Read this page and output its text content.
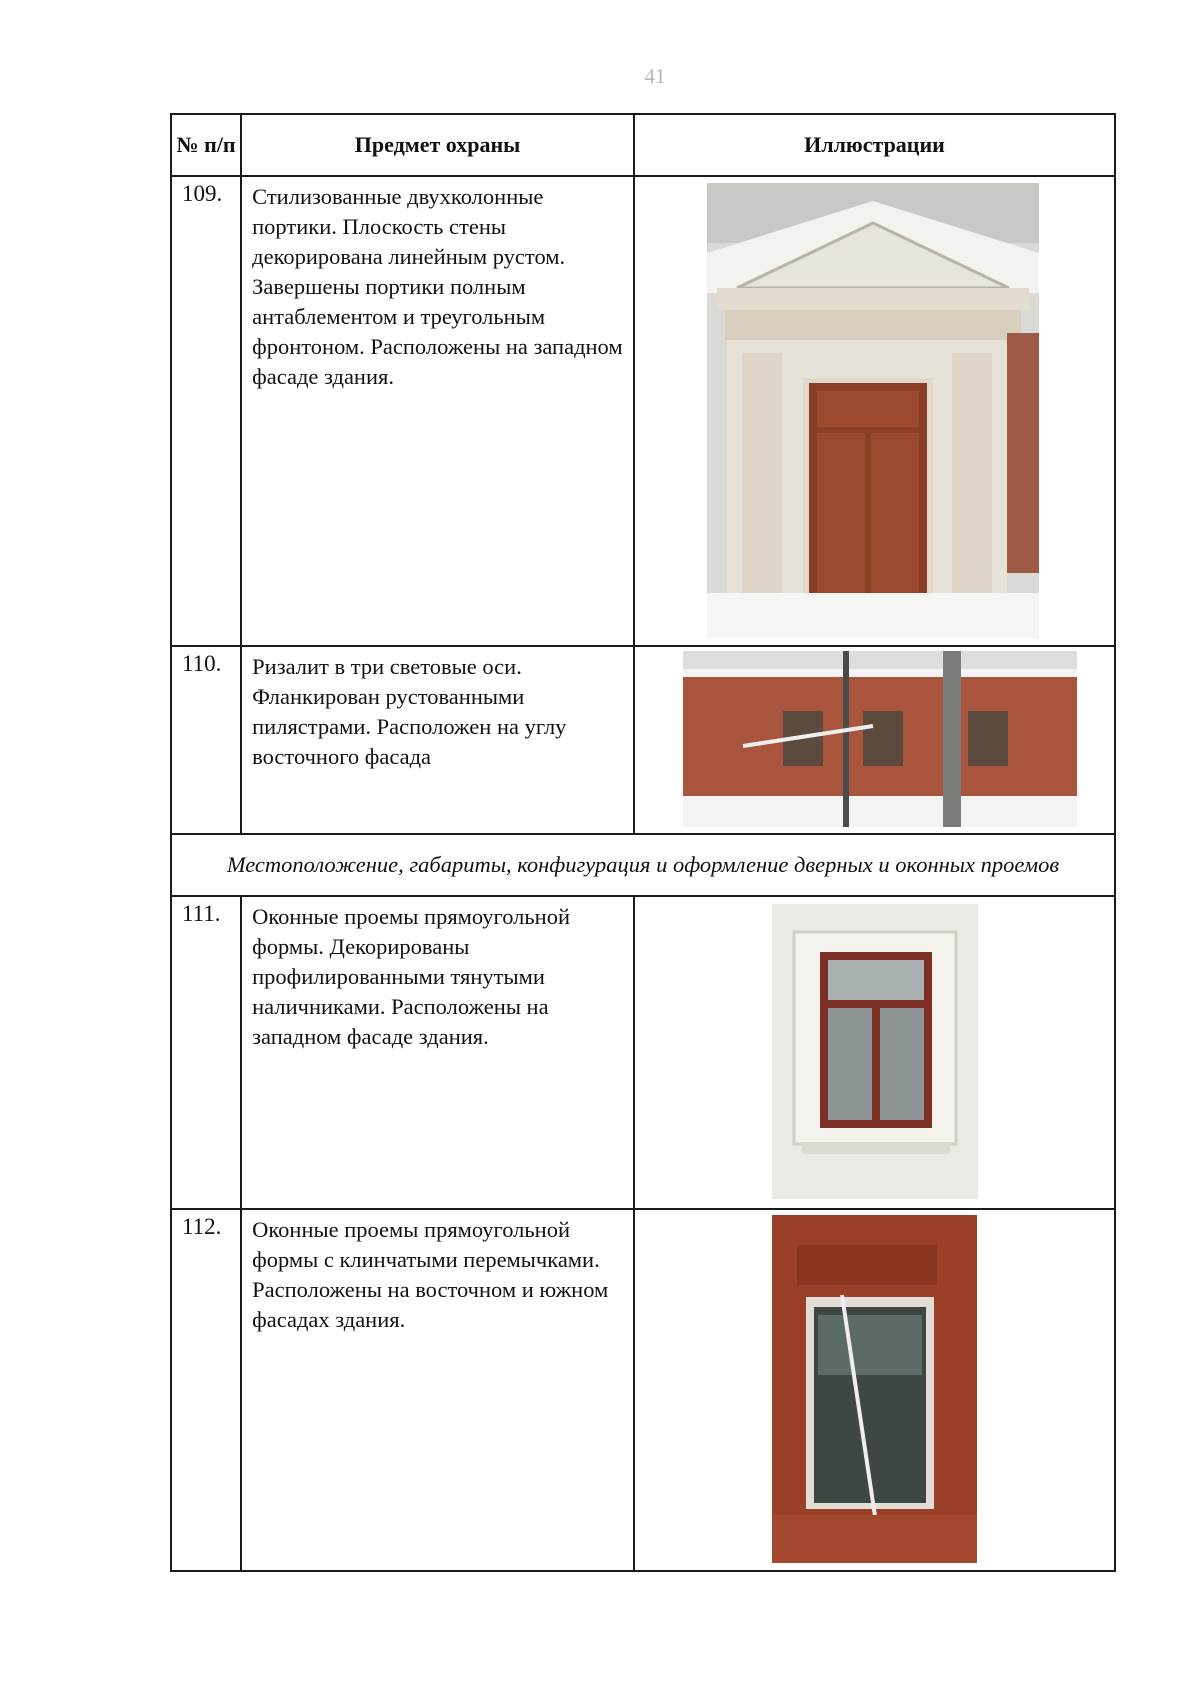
41
№ п/п	Предмет охраны	Иллюстрации
109.	Стилизованные двухколонные портики. Плоскость стены декорирована линейным рустом. Завершены портики полным антаблементом и треугольным фронтоном. Расположены на западном фасаде здания.	

110.	Ризалит в три световые оси. Фланкирован рустованными пилястрами. Расположен на углу восточного фасада	

Местоположение, габариты, конфигурация и оформление дверных и оконных проемов		
111.	Оконные проемы прямоугольной формы. Декорированы профилированными тянутыми наличниками. Расположены на западном фасаде здания.	

112.	Оконные проемы прямоугольной формы с клинчатыми перемычками. Расположены на восточном и южном фасадах здания.	
